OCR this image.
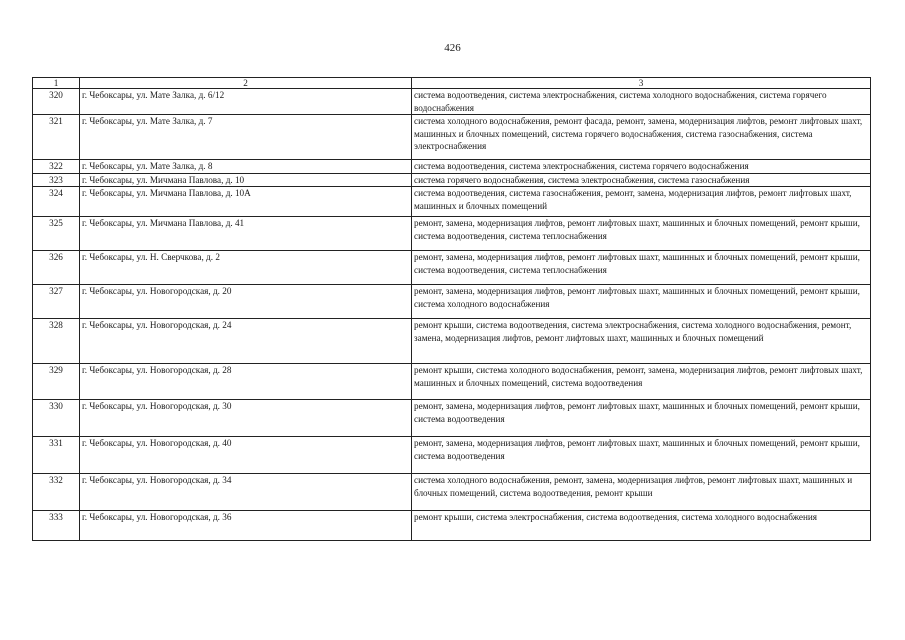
426
1	2	3
320	г. Чебоксары, ул. Мате Залка, д. 6/12	система водоотведения, система электроснабжения, система холодного водоснабжения, система горячего водоснабжения
321	г. Чебоксары, ул. Мате Залка, д. 7	система холодного водоснабжения, ремонт фасада, ремонт, замена, модернизация лифтов, ремонт лифтовых шахт, машинных и блочных помещений, система горячего водоснабжения, система газоснабжения, система электроснабжения
322	г. Чебоксары, ул. Мате Залка, д. 8	система водоотведения, система электроснабжения, система горячего водоснабжения
323	г. Чебоксары, ул. Мичмана Павлова, д. 10	система горячего водоснабжения, система электроснабжения, система газоснабжения
324	г. Чебоксары, ул. Мичмана Павлова, д. 10А	система водоотведения, система газоснабжения, ремонт, замена, модернизация лифтов, ремонт лифтовых шахт, машинных и блочных помещений
325	г. Чебоксары, ул. Мичмана Павлова, д. 41	ремонт, замена, модернизация лифтов, ремонт лифтовых шахт, машинных и блочных помещений, ремонт крыши, система водоотведения, система теплоснабжения
326	г. Чебоксары, ул. Н. Сверчкова, д. 2	ремонт, замена, модернизация лифтов, ремонт лифтовых шахт, машинных и блочных помещений, ремонт крыши, система водоотведения, система теплоснабжения
327	г. Чебоксары, ул. Новогородская, д. 20	ремонт, замена, модернизация лифтов, ремонт лифтовых шахт, машинных и блочных помещений, ремонт крыши, система холодного водоснабжения
328	г. Чебоксары, ул. Новогородская, д. 24	ремонт крыши, система водоотведения, система электроснабжения, система холодного водоснабжения, ремонт, замена, модернизация лифтов, ремонт лифтовых шахт, машинных и блочных помещений
329	г. Чебоксары, ул. Новогородская, д. 28	ремонт крыши, система холодного водоснабжения, ремонт, замена, модернизация лифтов, ремонт лифтовых шахт, машинных и блочных помещений, система водоотведения
330	г. Чебоксары, ул. Новогородская, д. 30	ремонт, замена, модернизация лифтов, ремонт лифтовых шахт, машинных и блочных помещений, ремонт крыши, система водоотведения
331	г. Чебоксары, ул. Новогородская, д. 40	ремонт, замена, модернизация лифтов, ремонт лифтовых шахт, машинных и блочных помещений, ремонт крыши, система водоотведения
332	г. Чебоксары, ул. Новогородская, д. 34	система холодного водоснабжения, ремонт, замена, модернизация лифтов, ремонт лифтовых шахт, машинных и блочных помещений, система водоотведения, ремонт крыши
333	г. Чебоксары, ул. Новогородская, д. 36	ремонт крыши, система электроснабжения, система водоотведения, система холодного водоснабжения
